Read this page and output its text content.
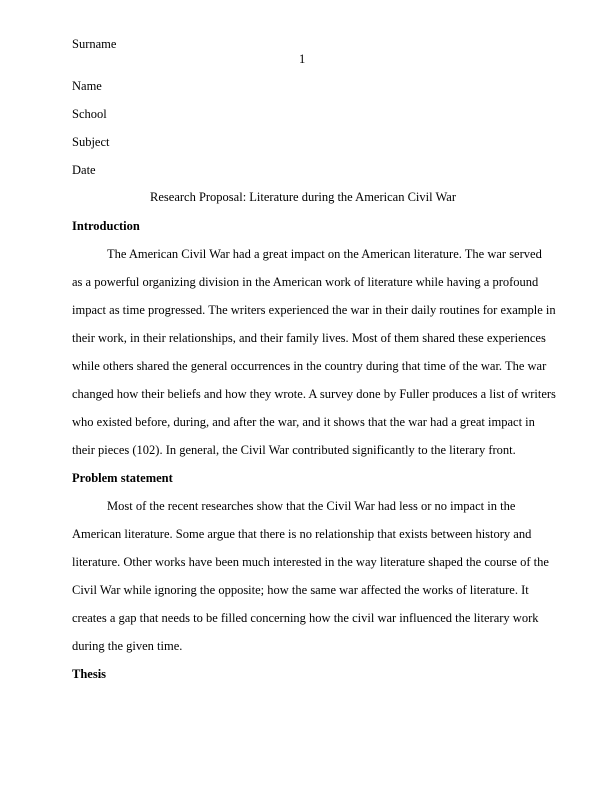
Surname

1

Name

School

Subject

Date

Research Proposal: Literature during the American Civil War

Introduction

The American Civil War had a great impact on the American literature. The war served

as a powerful organizing division in the American work of literature while having a profound

impact as time progressed. The writers experienced the war in their daily routines for example in

their work, in their relationships, and their family lives. Most of them shared these experiences

while others shared the general occurrences in the country during that time of the war. The war

changed how their beliefs and how they wrote. A survey done by Fuller produces a list of writers

who existed before, during, and after the war, and it shows that the war had a great impact in

their pieces (102). In general, the Civil War contributed significantly to the literary front.

Problem statement

Most of the recent researches show that the Civil War had less or no impact in the

American literature. Some argue that there is no relationship that exists between history and

literature. Other works have been much interested in the way literature shaped the course of the

Civil War while ignoring the opposite; how the same war affected the works of literature. It

creates a gap that needs to be filled concerning how the civil war influenced the literary work

during the given time.

Thesis
